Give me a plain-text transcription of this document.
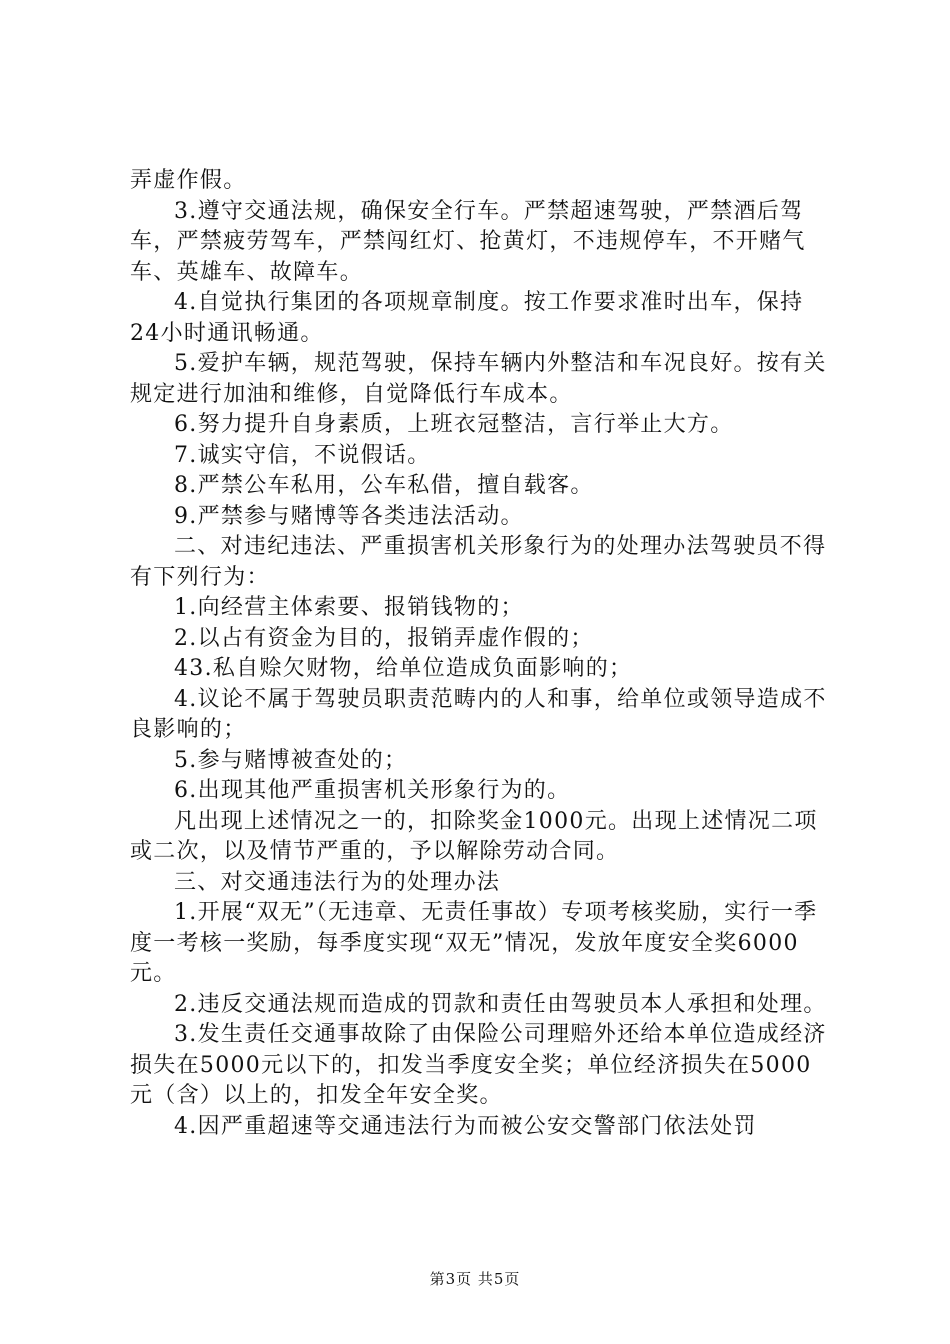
弄虚作假。

3.遵守交通法规，确保安全行车。严禁超速驾驶，严禁酒后驾车，严禁疲劳驾车，严禁闯红灯、抢黄灯，不违规停车，不开赌气车、英雄车、故障车。

4.自觉执行集团的各项规章制度。按工作要求准时出车，保持24小时通讯畅通。

5.爱护车辆，规范驾驶，保持车辆内外整洁和车况良好。按有关规定进行加油和维修，自觉降低行车成本。

6.努力提升自身素质，上班衣冠整洁，言行举止大方。

7.诚实守信，不说假话。

8.严禁公车私用，公车私借，擅自载客。

9.严禁参与赌博等各类违法活动。

二、对违纪违法、严重损害机关形象行为的处理办法驾驶员不得有下列行为：

1.向经营主体索要、报销钱物的；

2.以占有资金为目的，报销弄虚作假的；

43.私自赊欠财物，给单位造成负面影响的；

4.议论不属于驾驶员职责范畴内的人和事，给单位或领导造成不良影响的；

5.参与赌博被查处的；

6.出现其他严重损害机关形象行为的。

凡出现上述情况之一的，扣除奖金1000元。出现上述情况二项或二次，以及情节严重的，予以解除劳动合同。

三、对交通违法行为的处理办法

1.开展“双无”（无违章、无责任事故）专项考核奖励，实行一季度一考核一奖励，每季度实现“双无”情况，发放年度安全奖6000元。

2.违反交通法规而造成的罚款和责任由驾驶员本人承担和处理。

3.发生责任交通事故除了由保险公司理赔外还给本单位造成经济损失在5000元以下的，扣发当季度安全奖；单位经济损失在5000元（含）以上的，扣发全年安全奖。

4.因严重超速等交通违法行为而被公安交警部门依法处罚

第3页 共5页
